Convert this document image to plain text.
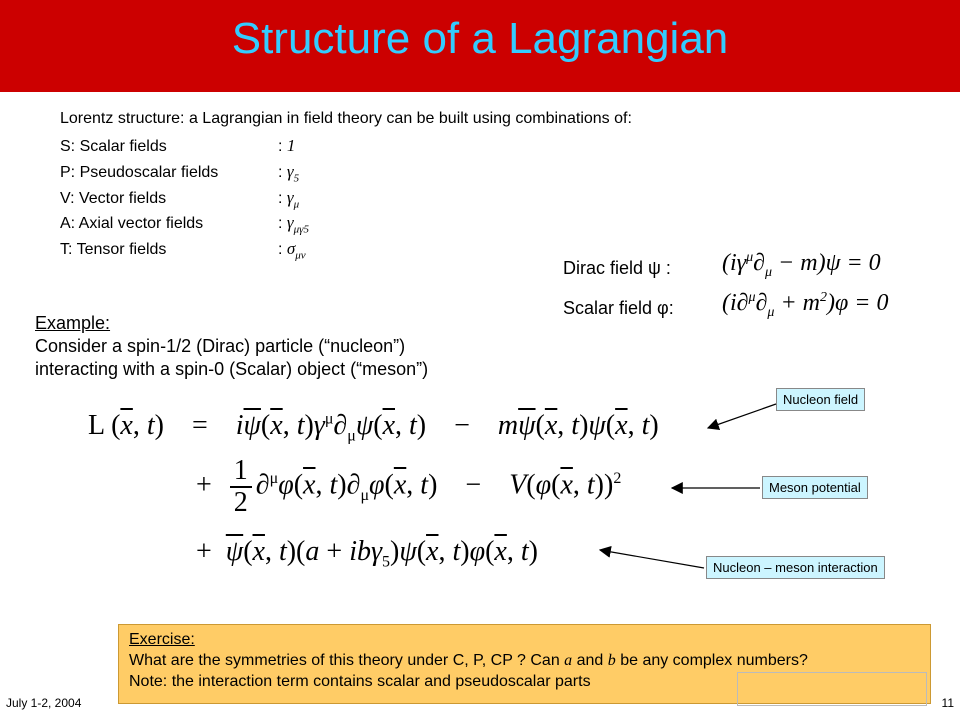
Structure of a Lagrangian
Lorentz structure: a Lagrangian in field theory can be built using combinations of:
S: Scalar fields	: 1
P: Pseudoscalar fields	: $\gamma_5$
V: Vector fields	: $\gamma_\mu$
A: Axial vector fields	: $\gamma_{\mu\gamma 5}$
T: Tensor fields	: $\sigma_{\mu\nu}$
Dirac field ψ : $(i\gamma^\mu\partial_\mu - m)\psi = 0$
Scalar field φ: $(i\partial^\mu\partial_\mu + m^2)\varphi = 0$
Example:
Consider a spin-1/2 (Dirac) particle (“nucleon”)
interacting with a spin-0 (Scalar) object (“meson”)
L ($\overline{x}$, t)    =    $i\overline{\psi}(\overline{x}$, $t)\gamma^\mu\partial_\mu\psi(\overline{x}$, t)    −    $m\overline{\psi}(\overline{x}$, $t)\psi(\overline{x}$, t)
+ $\frac{1}{2} \partial^\mu\varphi(\overline{x}$, $t)\partial_\mu\varphi(\overline{x}$, t)    −    $V(\varphi(\overline{x}$, t))$^2$
+  $\overline{\psi}(\overline{x}$, $t)(a + ib\gamma_5)\psi(\overline{x}$, $t)\varphi(\overline{x}$, t)
Nucleon field
Meson potential
Nucleon – meson interaction
Exercise:
What are the symmetries of this theory under C, P, CP ? Can a and b be any complex numbers?
Note: the interaction term contains scalar and pseudoscalar parts
July 1-2, 2004	11
